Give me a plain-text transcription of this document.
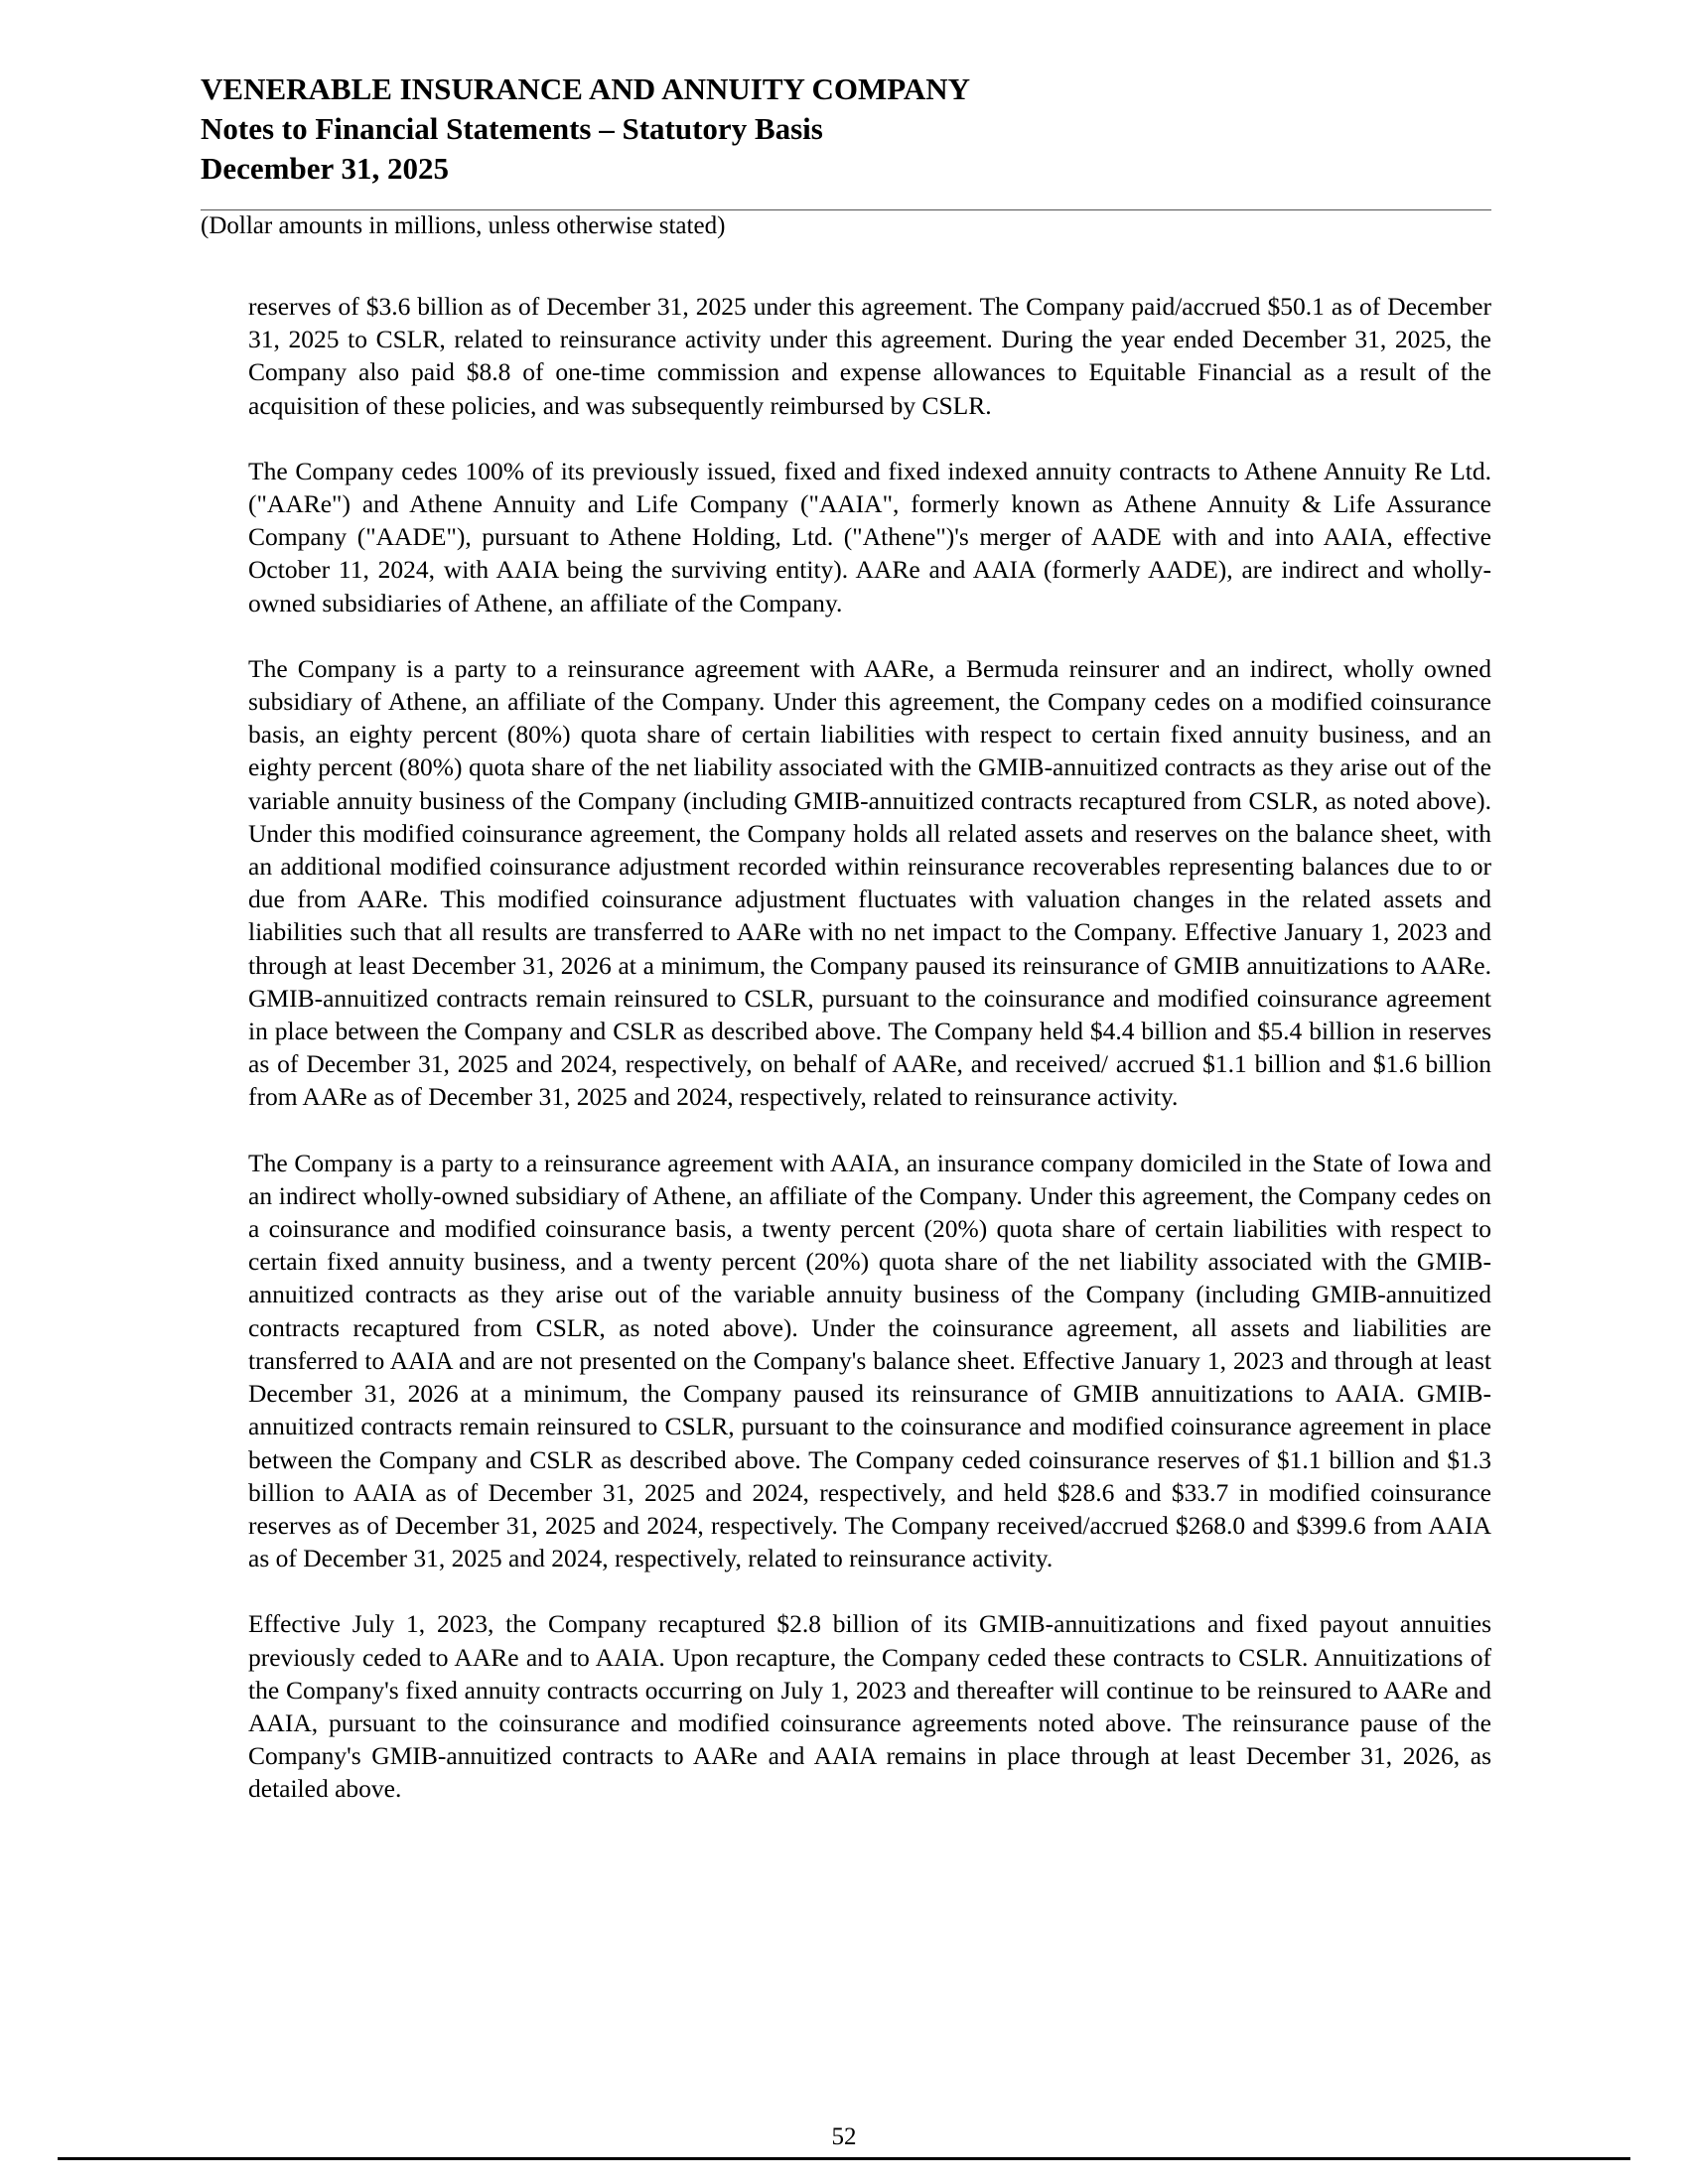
VENERABLE INSURANCE AND ANNUITY COMPANY
Notes to Financial Statements – Statutory Basis
December 31, 2025
(Dollar amounts in millions, unless otherwise stated)

reserves of $3.6 billion as of December 31, 2025 under this agreement. The Company paid/accrued $50.1 as of December 31, 2025 to CSLR, related to reinsurance activity under this agreement. During the year ended December 31, 2025, the Company also paid $8.8 of one-time commission and expense allowances to Equitable Financial as a result of the acquisition of these policies, and was subsequently reimbursed by CSLR.

The Company cedes 100% of its previously issued, fixed and fixed indexed annuity contracts to Athene Annuity Re Ltd. ("AARe") and Athene Annuity and Life Company ("AAIA", formerly known as Athene Annuity & Life Assurance Company ("AADE"), pursuant to Athene Holding, Ltd. ("Athene")'s merger of AADE with and into AAIA, effective October 11, 2024, with AAIA being the surviving entity). AARe and AAIA (formerly AADE), are indirect and wholly-owned subsidiaries of Athene, an affiliate of the Company.

The Company is a party to a reinsurance agreement with AARe, a Bermuda reinsurer and an indirect, wholly owned subsidiary of Athene, an affiliate of the Company. Under this agreement, the Company cedes on a modified coinsurance basis, an eighty percent (80%) quota share of certain liabilities with respect to certain fixed annuity business, and an eighty percent (80%) quota share of the net liability associated with the GMIB-annuitized contracts as they arise out of the variable annuity business of the Company (including GMIB-annuitized contracts recaptured from CSLR, as noted above). Under this modified coinsurance agreement, the Company holds all related assets and reserves on the balance sheet, with an additional modified coinsurance adjustment recorded within reinsurance recoverables representing balances due to or due from AARe. This modified coinsurance adjustment fluctuates with valuation changes in the related assets and liabilities such that all results are transferred to AARe with no net impact to the Company. Effective January 1, 2023 and through at least December 31, 2026 at a minimum, the Company paused its reinsurance of GMIB annuitizations to AARe. GMIB-annuitized contracts remain reinsured to CSLR, pursuant to the coinsurance and modified coinsurance agreement in place between the Company and CSLR as described above. The Company held $4.4 billion and $5.4 billion in reserves as of December 31, 2025 and 2024, respectively, on behalf of AARe, and received/ accrued $1.1 billion and $1.6 billion from AARe as of December 31, 2025 and 2024, respectively, related to reinsurance activity.

The Company is a party to a reinsurance agreement with AAIA, an insurance company domiciled in the State of Iowa and an indirect wholly-owned subsidiary of Athene, an affiliate of the Company. Under this agreement, the Company cedes on a coinsurance and modified coinsurance basis, a twenty percent (20%) quota share of certain liabilities with respect to certain fixed annuity business, and a twenty percent (20%) quota share of the net liability associated with the GMIB-annuitized contracts as they arise out of the variable annuity business of the Company (including GMIB-annuitized contracts recaptured from CSLR, as noted above). Under the coinsurance agreement, all assets and liabilities are transferred to AAIA and are not presented on the Company's balance sheet. Effective January 1, 2023 and through at least December 31, 2026 at a minimum, the Company paused its reinsurance of GMIB annuitizations to AAIA. GMIB-annuitized contracts remain reinsured to CSLR, pursuant to the coinsurance and modified coinsurance agreement in place between the Company and CSLR as described above. The Company ceded coinsurance reserves of $1.1 billion and $1.3 billion to AAIA as of December 31, 2025 and 2024, respectively, and held $28.6 and $33.7 in modified coinsurance reserves as of December 31, 2025 and 2024, respectively. The Company received/accrued $268.0 and $399.6 from AAIA as of December 31, 2025 and 2024, respectively, related to reinsurance activity.

Effective July 1, 2023, the Company recaptured $2.8 billion of its GMIB-annuitizations and fixed payout annuities previously ceded to AARe and to AAIA. Upon recapture, the Company ceded these contracts to CSLR. Annuitizations of the Company's fixed annuity contracts occurring on July 1, 2023 and thereafter will continue to be reinsured to AARe and AAIA, pursuant to the coinsurance and modified coinsurance agreements noted above. The reinsurance pause of the Company's GMIB-annuitized contracts to AARe and AAIA remains in place through at least December 31, 2026, as detailed above.

52
